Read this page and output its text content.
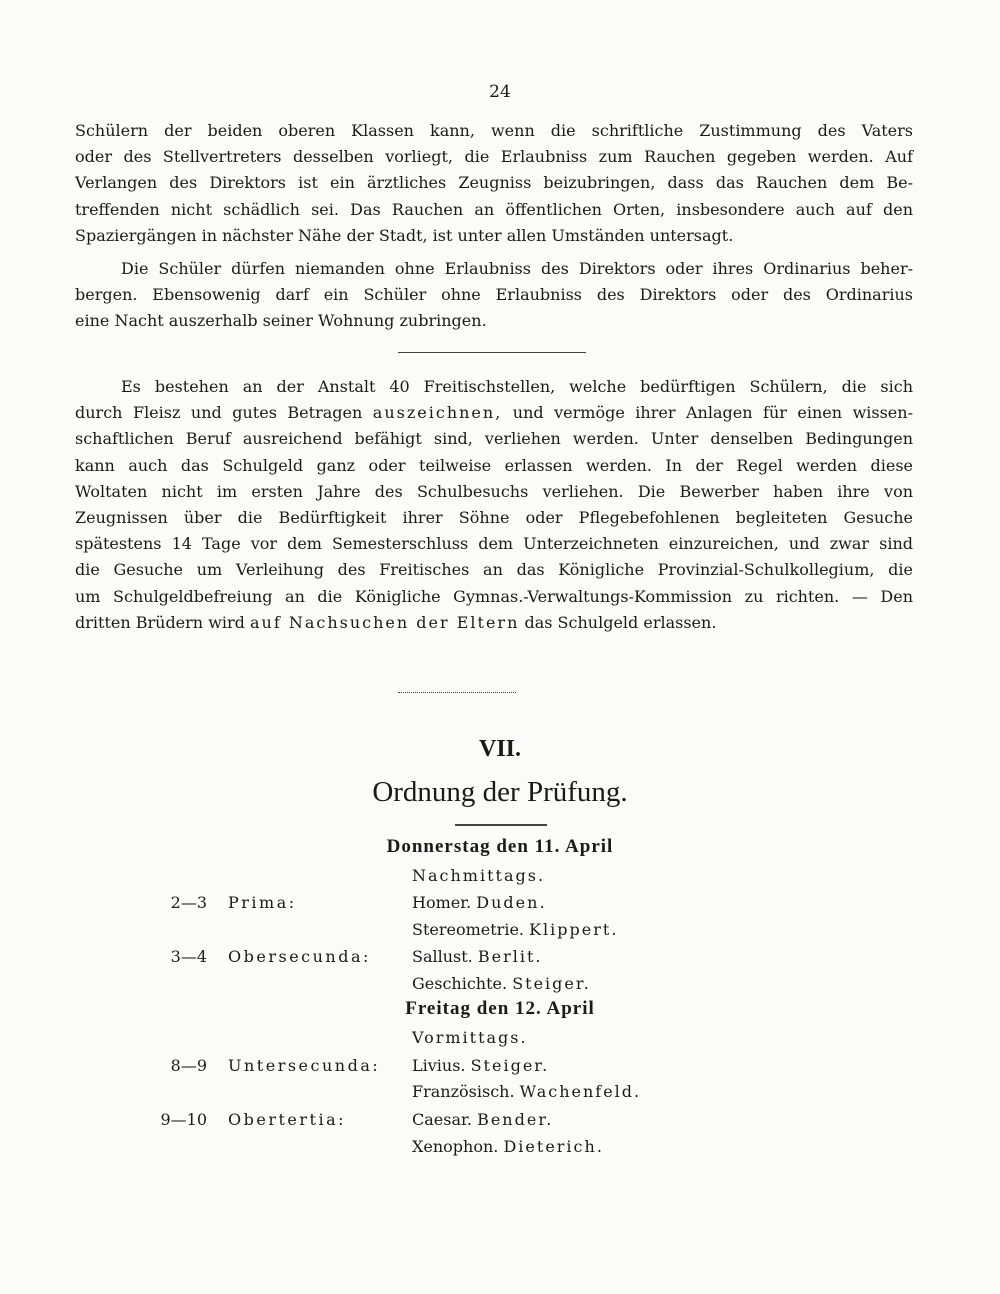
24
Schülern der beiden oberen Klassen kann, wenn die schriftliche Zustimmung des Vaters
oder des Stellvertreters desselben vorliegt, die Erlaubniss zum Rauchen gegeben werden. Auf
Verlangen des Direktors ist ein ärztliches Zeugniss beizubringen, dass das Rauchen dem Be-
treffenden nicht schädlich sei. Das Rauchen an öffentlichen Orten, insbesondere auch auf den
Spaziergängen in nächster Nähe der Stadt, ist unter allen Umständen untersagt.
Die Schüler dürfen niemanden ohne Erlaubniss des Direktors oder ihres Ordinarius beher-
bergen. Ebensowenig darf ein Schüler ohne Erlaubniss des Direktors oder des Ordinarius
eine Nacht auszerhalb seiner Wohnung zubringen.
Es bestehen an der Anstalt 40 Freitischstellen, welche bedürftigen Schülern, die sich
durch Fleisz und gutes Betragen auszeichnen, und vermöge ihrer Anlagen für einen wissen-
schaftlichen Beruf ausreichend befähigt sind, verliehen werden. Unter denselben Bedingungen
kann auch das Schulgeld ganz oder teilweise erlassen werden. In der Regel werden diese
Woltaten nicht im ersten Jahre des Schulbesuchs verliehen. Die Bewerber haben ihre von
Zeugnissen über die Bedürftigkeit ihrer Söhne oder Pflegebefohlenen begleiteten Gesuche
spätestens 14 Tage vor dem Semesterschluss dem Unterzeichneten einzureichen, und zwar sind
die Gesuche um Verleihung des Freitisches an das Königliche Provinzial-Schulkollegium, die
um Schulgeldbefreiung an die Königliche Gymnas.-Verwaltungs-Kommission zu richten. — Den
dritten Brüdern wird auf Nachsuchen der Eltern das Schulgeld erlassen.
VII.
Ordnung der Prüfung.
Donnerstag den 11. April
Nachmittags.
2—3 Prima:	Homer. Duden.
Stereometrie. Klippert.
3—4 Obersecunda:	Sallust. Berlit.
Geschichte. Steiger.
Freitag den 12. April
Vormittags.
8—9 Untersecunda: Livius. Steiger.
Französisch. Wachenfeld.
9—10 Obertertia:	Caesar. Bender.
Xenophon. Dieterich.
